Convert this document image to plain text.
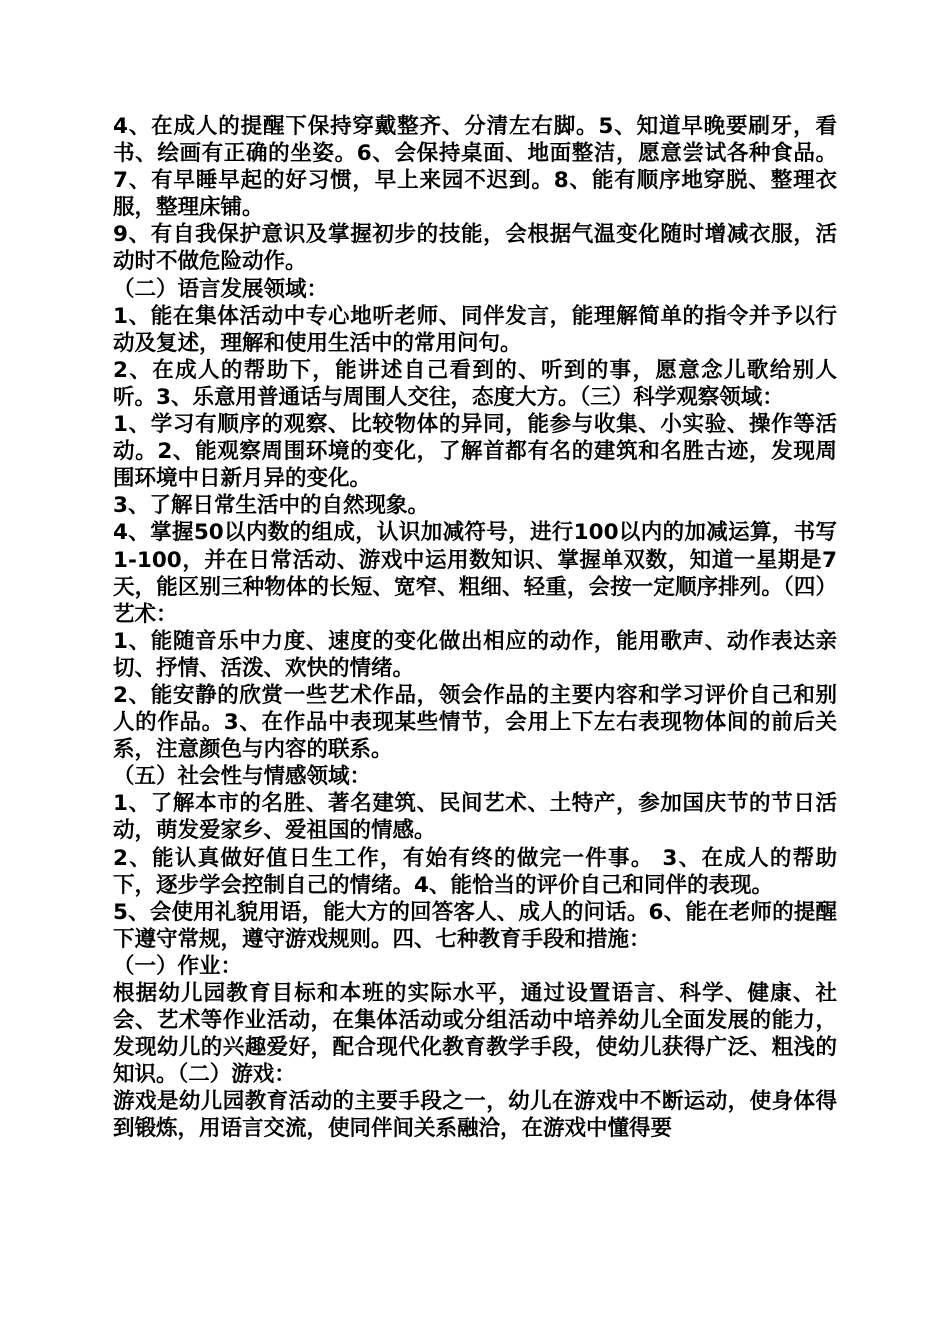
4、在成人的提醒下保持穿戴整齐、分清左右脚。5、知道早晚要刷牙，看书、绘画有正确的坐姿。6、会保持桌面、地面整洁，愿意尝试各种食品。7、有早睡早起的好习惯，早上来园不迟到。8、能有顺序地穿脱、整理衣服，整理床铺。

9、有自我保护意识及掌握初步的技能，会根据气温变化随时增减衣服，活动时不做危险动作。

（二）语言发展领域：

1、能在集体活动中专心地听老师、同伴发言，能理解简单的指令并予以行动及复述，理解和使用生活中的常用问句。

2、在成人的帮助下，能讲述自己看到的、听到的事，愿意念儿歌给别人听。3、乐意用普通话与周围人交往，态度大方。（三）科学观察领域：

1、学习有顺序的观察、比较物体的异同，能参与收集、小实验、操作等活动。2、能观察周围环境的变化，了解首都有名的建筑和名胜古迹，发现周围环境中日新月异的变化。

3、了解日常生活中的自然现象。

4、掌握50以内数的组成，认识加减符号，进行100以内的加减运算，书写1-100，并在日常活动、游戏中运用数知识、掌握单双数，知道一星期是7天，能区别三种物体的长短、宽窄、粗细、轻重，会按一定顺序排列。（四）艺术：

1、能随音乐中力度、速度的变化做出相应的动作，能用歌声、动作表达亲切、抒情、活泼、欢快的情绪。

2、能安静的欣赏一些艺术作品，领会作品的主要内容和学习评价自己和别人的作品。3、在作品中表现某些情节，会用上下左右表现物体间的前后关系，注意颜色与内容的联系。

（五）社会性与情感领域：

1、了解本市的名胜、著名建筑、民间艺术、土特产，参加国庆节的节日活动，萌发爱家乡、爱祖国的情感。

2、能认真做好值日生工作，有始有终的做完一件事。 3、在成人的帮助下，逐步学会控制自己的情绪。4、能恰当的评价自己和同伴的表现。

5、会使用礼貌用语，能大方的回答客人、成人的问话。6、能在老师的提醒下遵守常规，遵守游戏规则。四、七种教育手段和措施：

（一）作业：

根据幼儿园教育目标和本班的实际水平，通过设置语言、科学、健康、社会、艺术等作业活动，在集体活动或分组活动中培养幼儿全面发展的能力，发现幼儿的兴趣爱好，配合现代化教育教学手段，使幼儿获得广泛、粗浅的知识。（二）游戏：

游戏是幼儿园教育活动的主要手段之一，幼儿在游戏中不断运动，使身体得到锻炼，用语言交流，使同伴间关系融洽，在游戏中懂得要
